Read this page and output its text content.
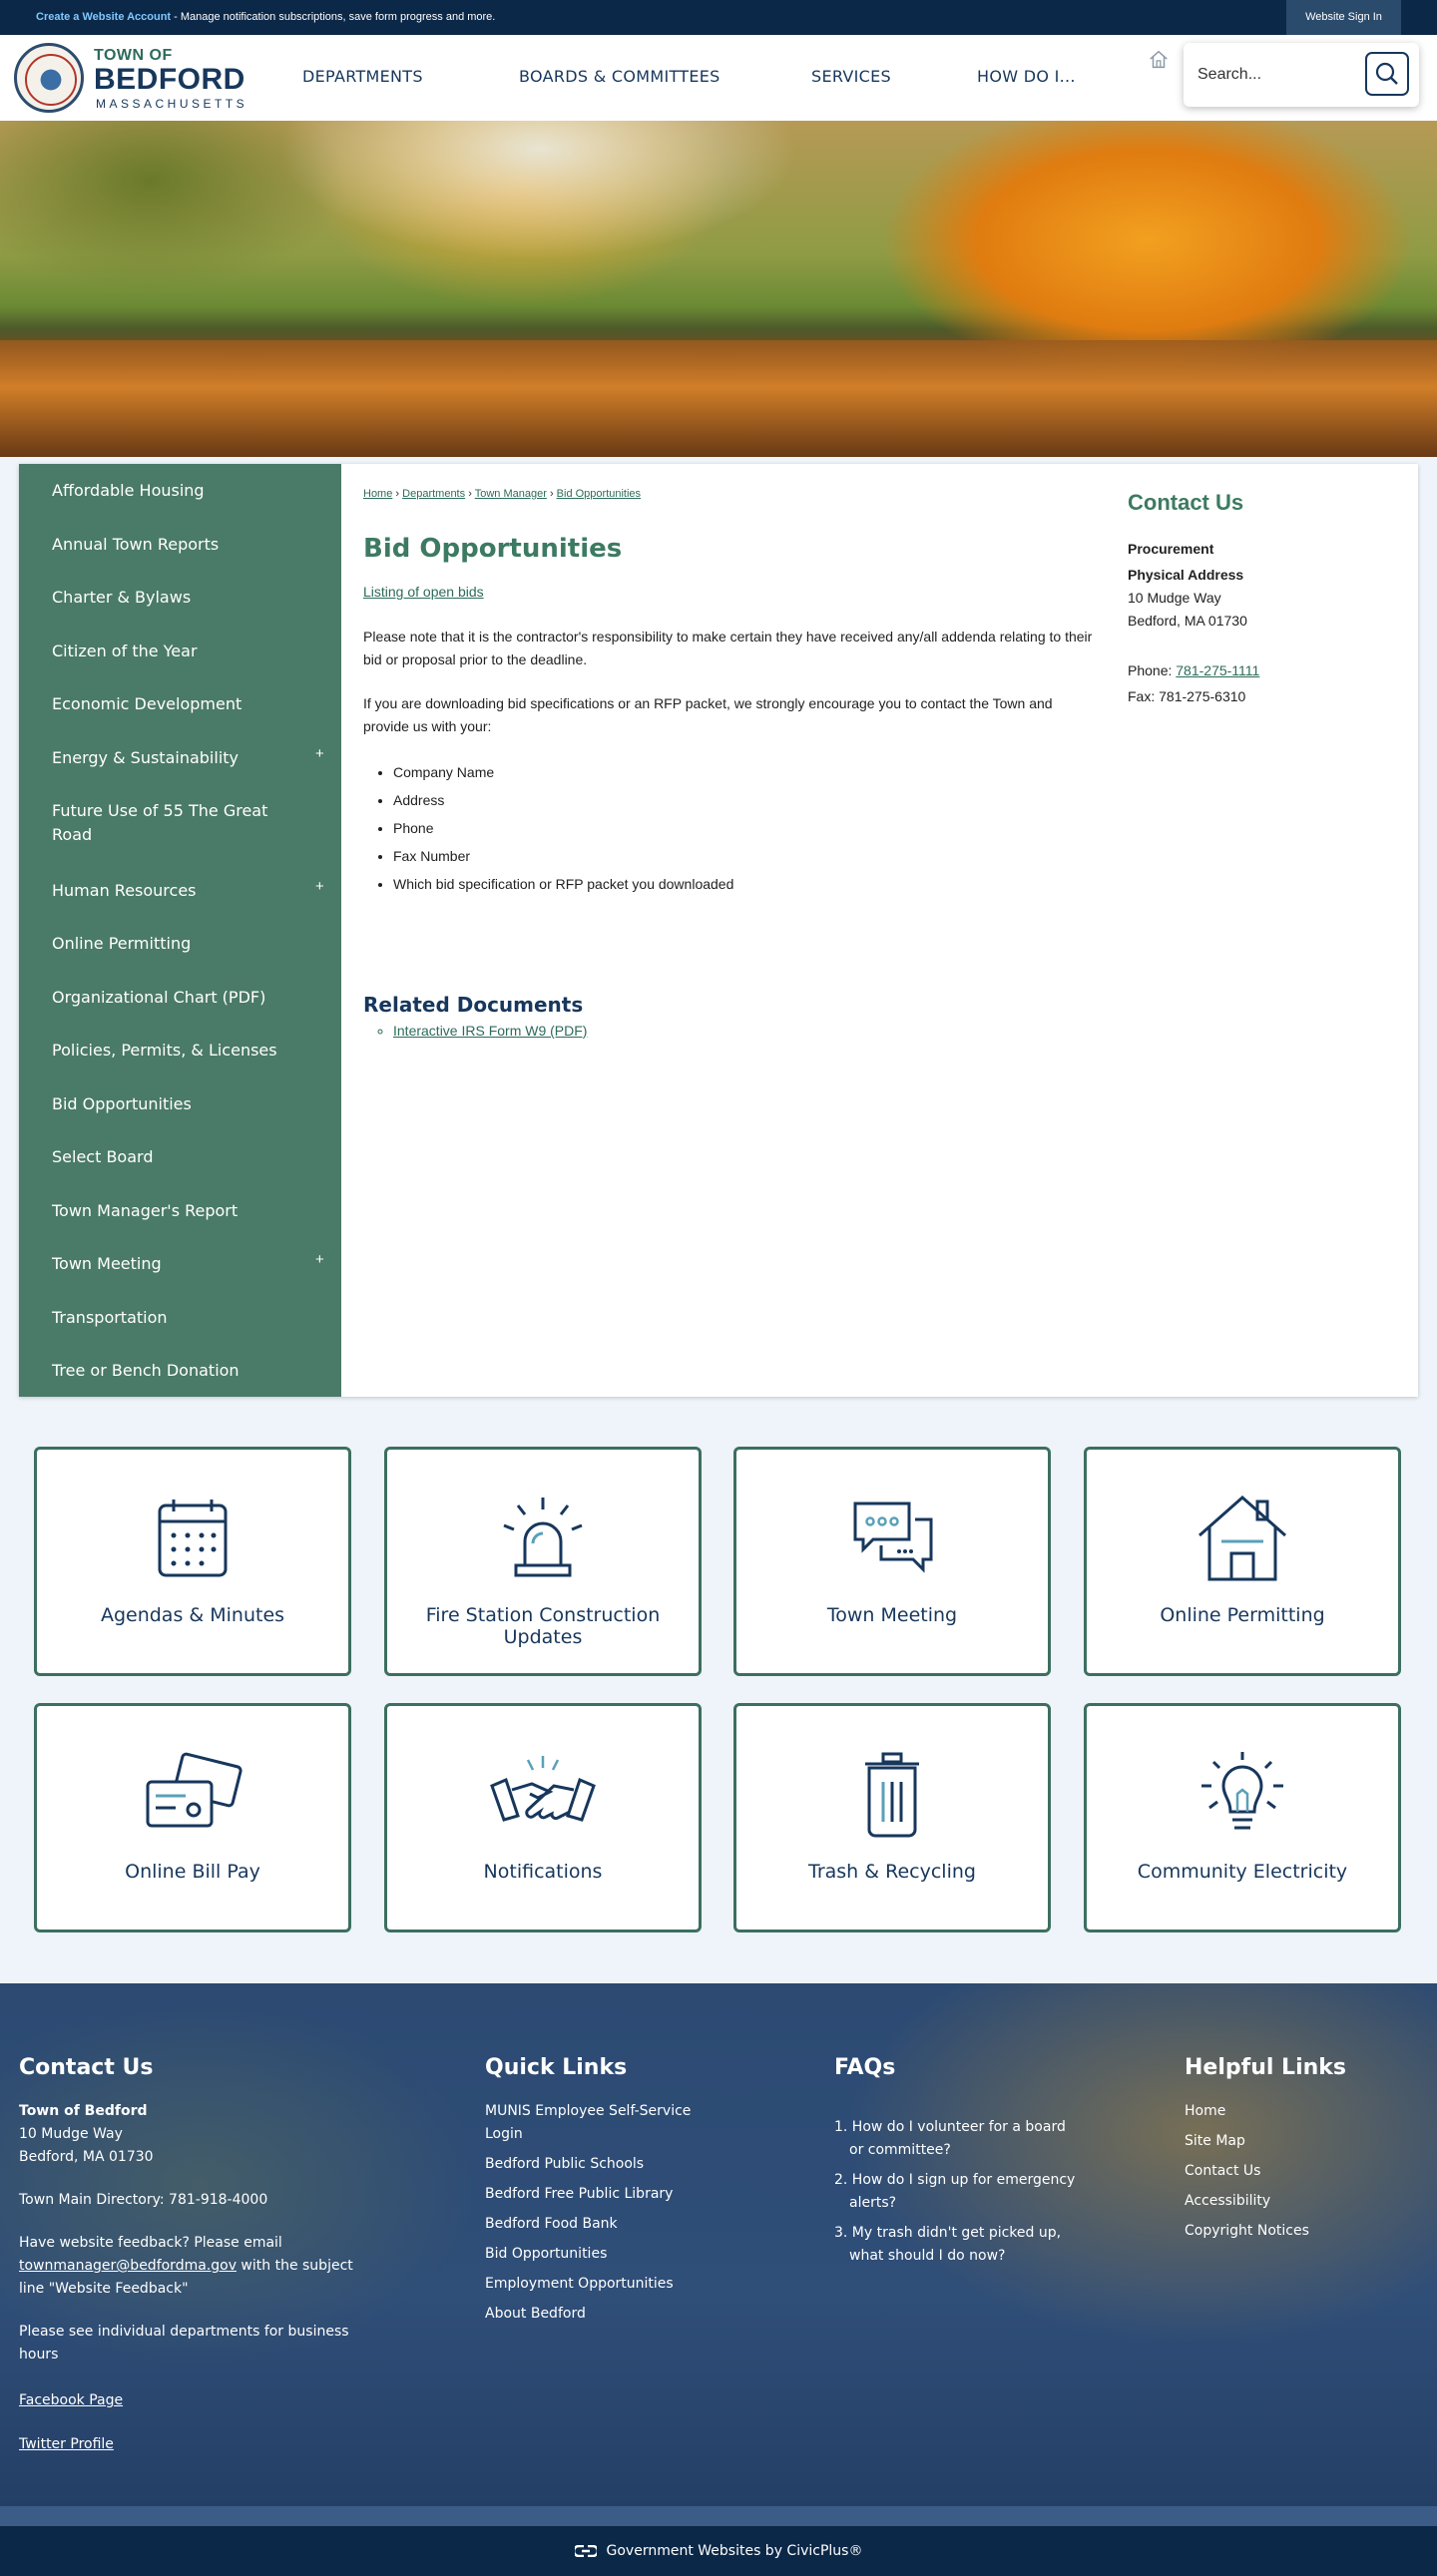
Create a Website Account - Manage notification subscriptions, save form progress and more.	Website Sign In
TOWN OF
BEDFORD
MASSACHUSETTS
DEPARTMENTS	BOARDS & COMMITTEES	SERVICES	HOW DO I...
Search...
Affordable Housing
Annual Town Reports
Charter & Bylaws
Citizen of the Year
Economic Development
Energy & Sustainability	+
Future Use of 55 The Great Road
Human Resources	+
Online Permitting
Organizational Chart (PDF)
Policies, Permits, & Licenses
Bid Opportunities
Select Board
Town Manager's Report
Town Meeting	+
Transportation
Tree or Bench Donation
Home › Departments › Town Manager › Bid Opportunities
Bid Opportunities
Listing of open bids

Please note that it is the contractor's responsibility to make certain they have received any/all addenda relating to their bid or proposal prior to the deadline.

If you are downloading bid specifications or an RFP packet, we strongly encourage you to contact the Town and provide us with your:

• Company Name
• Address
• Phone
• Fax Number
• Which bid specification or RFP packet you downloaded
Related Documents
◦ Interactive IRS Form W9 (PDF)
Contact Us
Procurement
Physical Address
10 Mudge Way
Bedford, MA 01730
Phone: 781-275-1111
Fax: 781-275-6310
Agendas & Minutes	Fire Station Construction Updates
Town Meeting	Online Permitting
Online Bill Pay	Notifications	Trash & Recycling	Community Electricity
Contact Us
Town of Bedford
10 Mudge Way
Bedford, MA 01730
Town Main Directory: 781-918-4000
Have website feedback? Please email townmanager@bedfordma.gov with the subject line "Website Feedback"
Please see individual departments for business hours
Facebook Page
Twitter Profile
Quick Links
MUNIS Employee Self-Service Login
Bedford Public Schools
Bedford Free Public Library
Bedford Food Bank
Bid Opportunities
Employment Opportunities
About Bedford
FAQs
1. How do I volunteer for a board or committee?
2. How do I sign up for emergency alerts?
3. My trash didn't get picked up, what should I do now?
Helpful Links
Home
Site Map
Contact Us
Accessibility
Copyright Notices
Government Websites by CivicPlus®
